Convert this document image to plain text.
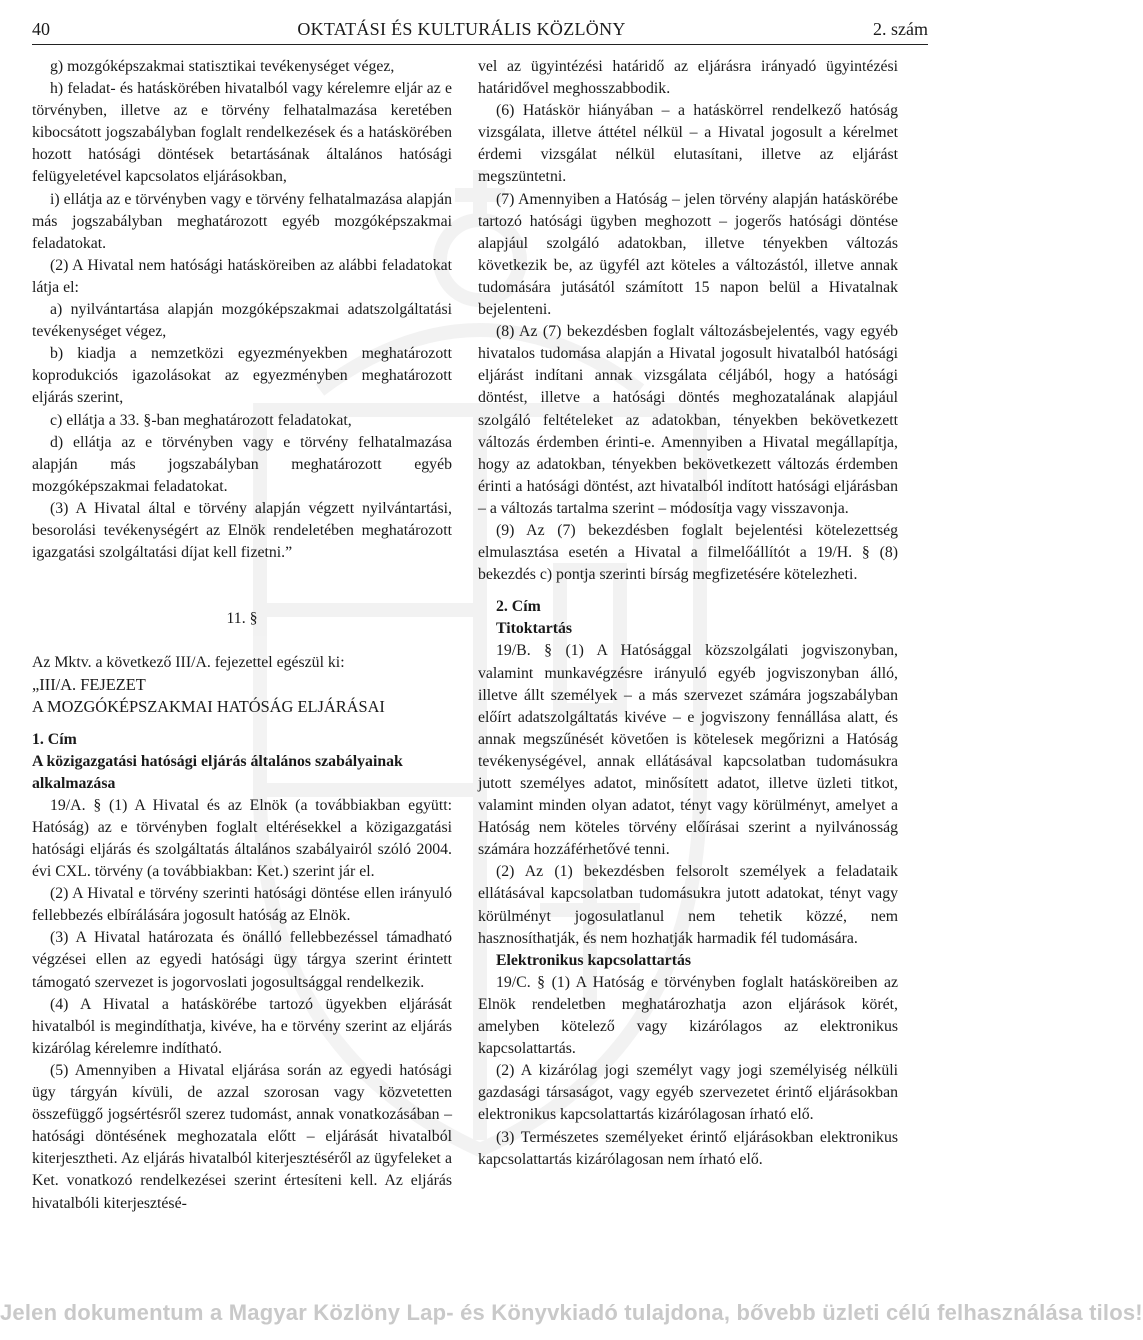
40	OKTATÁSI ÉS KULTURÁLIS KÖZLÖNY	2. szám

g) mozgóképszakmai statisztikai tevékenységet végez,

h) feladat- és hatáskörében hivatalból vagy kérelemre eljár az e törvényben, illetve az e törvény felhatalmazása keretében kibocsátott jogszabályban foglalt rendelkezések és a hatáskörében hozott hatósági döntések betartásának általános hatósági felügyeletével kapcsolatos eljárásokban,

i) ellátja az e törvényben vagy e törvény felhatalmazása alapján más jogszabályban meghatározott egyéb mozgóképszakmai feladatokat.

(2) A Hivatal nem hatósági hatásköreiben az alábbi feladatokat látja el:

a) nyilvántartása alapján mozgóképszakmai adatszolgáltatási tevékenységet végez,

b) kiadja a nemzetközi egyezményekben meghatározott koprodukciós igazolásokat az egyezményben meghatározott eljárás szerint,

c) ellátja a 33. §-ban meghatározott feladatokat,

d) ellátja az e törvényben vagy e törvény felhatalmazása alapján más jogszabályban meghatározott egyéb mozgóképszakmai feladatokat.

(3) A Hivatal által e törvény alapján végzett nyilvántartási, besorolási tevékenységért az Elnök rendeletében meghatározott igazgatási szolgáltatási díjat kell fizetni.”

11. §

Az Mktv. a következő III/A. fejezettel egészül ki:

„III/A. FEJEZET

A MOZGÓKÉPSZAKMAI HATÓSÁG ELJÁRÁSAI

1. Cím

A közigazgatási hatósági eljárás általános szabályainak alkalmazása

19/A. § (1) A Hivatal és az Elnök (a továbbiakban együtt: Hatóság) az e törvényben foglalt eltérésekkel a közigazgatási hatósági eljárás és szolgáltatás általános szabályairól szóló 2004. évi CXL. törvény (a továbbiakban: Ket.) szerint jár el.

(2) A Hivatal e törvény szerinti hatósági döntése ellen irányuló fellebbezés elbírálására jogosult hatóság az Elnök.

(3) A Hivatal határozata és önálló fellebbezéssel támadható végzései ellen az egyedi hatósági ügy tárgya szerint érintett támogató szervezet is jogorvoslati jogosultsággal rendelkezik.

(4) A Hivatal a hatáskörébe tartozó ügyekben eljárását hivatalból is megindíthatja, kivéve, ha e törvény szerint az eljárás kizárólag kérelemre indítható.

(5) Amennyiben a Hivatal eljárása során az egyedi hatósági ügy tárgyán kívüli, de azzal szorosan vagy közvetetten összefüggő jogsértésről szerez tudomást, annak vonatkozásában – hatósági döntésének meghozatala előtt – eljárását hivatalból kiterjesztheti. Az eljárás hivatalból kiterjesztéséről az ügyfeleket a Ket. vonatkozó rendelkezései szerint értesíteni kell. Az eljárás hivatalbóli kiterjesztésé-

vel az ügyintézési határidő az eljárásra irányadó ügyintézési határidővel meghosszabbodik.

(6) Hatáskör hiányában – a hatáskörrel rendelkező hatóság vizsgálata, illetve áttétel nélkül – a Hivatal jogosult a kérelmet érdemi vizsgálat nélkül elutasítani, illetve az eljárást megszüntetni.

(7) Amennyiben a Hatóság – jelen törvény alapján hatáskörébe tartozó hatósági ügyben meghozott – jogerős hatósági döntése alapjául szolgáló adatokban, illetve tényekben változás következik be, az ügyfél azt köteles a változástól, illetve annak tudomására jutásától számított 15 napon belül a Hivatalnak bejelenteni.

(8) Az (7) bekezdésben foglalt változásbejelentés, vagy egyéb hivatalos tudomása alapján a Hivatal jogosult hivatalból hatósági eljárást indítani annak vizsgálata céljából, hogy a hatósági döntést, illetve a hatósági döntés meghozatalának alapjául szolgáló feltételeket az adatokban, tényekben bekövetkezett változás érdemben érinti-e. Amennyiben a Hivatal megállapítja, hogy az adatokban, tényekben bekövetkezett változás érdemben érinti a hatósági döntést, azt hivatalból indított hatósági eljárásban – a változás tartalma szerint – módosítja vagy visszavonja.

(9) Az (7) bekezdésben foglalt bejelentési kötelezettség elmulasztása esetén a Hivatal a filmelőállítót a 19/H. § (8) bekezdés c) pontja szerinti bírság megfizetésére kötelezheti.

2. Cím

Titoktartás

19/B. § (1) A Hatósággal közszolgálati jogviszonyban, valamint munkavégzésre irányuló egyéb jogviszonyban álló, illetve állt személyek – a más szervezet számára jogszabályban előírt adatszolgáltatás kivéve – e jogviszony fennállása alatt, és annak megszűnését követően is kötelesek megőrizni a Hatóság tevékenységével, annak ellátásával kapcsolatban tudomásukra jutott személyes adatot, minősített adatot, illetve üzleti titkot, valamint minden olyan adatot, tényt vagy körülményt, amelyet a Hatóság nem köteles törvény előírásai szerint a nyilvánosság számára hozzáférhetővé tenni.

(2) Az (1) bekezdésben felsorolt személyek a feladataik ellátásával kapcsolatban tudomásukra jutott adatokat, tényt vagy körülményt jogosulatlanul nem tehetik közzé, nem hasznosíthatják, és nem hozhatják harmadik fél tudomására.

Elektronikus kapcsolattartás

19/C. § (1) A Hatóság e törvényben foglalt hatásköreiben az Elnök rendeletben meghatározhatja azon eljárások körét, amelyben kötelező vagy kizárólagos az elektronikus kapcsolattartás.

(2) A kizárólag jogi személyt vagy jogi személyiség nélküli gazdasági társaságot, vagy egyéb szervezetet érintő eljárásokban elektronikus kapcsolattartás kizárólagosan írható elő.

(3) Természetes személyeket érintő eljárásokban elektronikus kapcsolattartás kizárólagosan nem írható elő.

Jelen dokumentum a Magyar Közlöny Lap- és Könyvkiadó tulajdona, bővebb üzleti célú felhasználása tilos!
